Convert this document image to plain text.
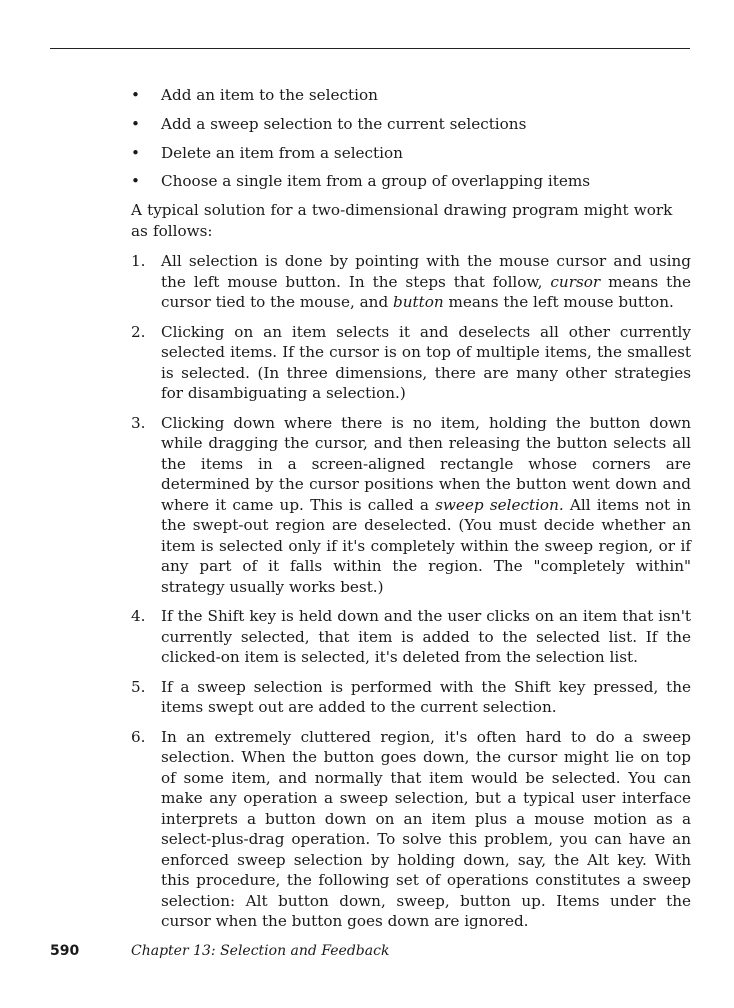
• Add an item to the selection
• Add a sweep selection to the current selections
• Delete an item from a selection
• Choose a single item from a group of overlapping items

A typical solution for a two-dimensional drawing program might work as follows:

1. All selection is done by pointing with the mouse cursor and using the left mouse button. In the steps that follow, cursor means the cursor tied to the mouse, and button means the left mouse button.
2. Clicking on an item selects it and deselects all other currently selected items. If the cursor is on top of multiple items, the smallest is selected. (In three dimensions, there are many other strategies for disambiguating a selection.)
3. Clicking down where there is no item, holding the button down while dragging the cursor, and then releasing the button selects all the items in a screen-aligned rectangle whose corners are determined by the cursor positions when the button went down and where it came up. This is called a sweep selection. All items not in the swept-out region are deselected. (You must decide whether an item is selected only if it's completely within the sweep region, or if any part of it falls within the region. The "completely within" strategy usually works best.)
4. If the Shift key is held down and the user clicks on an item that isn't currently selected, that item is added to the selected list. If the clicked-on item is selected, it's deleted from the selection list.
5. If a sweep selection is performed with the Shift key pressed, the items swept out are added to the current selection.
6. In an extremely cluttered region, it's often hard to do a sweep selection. When the button goes down, the cursor might lie on top of some item, and normally that item would be selected. You can make any operation a sweep selection, but a typical user interface interprets a button down on an item plus a mouse motion as a select-plus-drag operation. To solve this problem, you can have an enforced sweep selection by holding down, say, the Alt key. With this procedure, the following set of operations constitutes a sweep selection: Alt button down, sweep, button up. Items under the cursor when the button goes down are ignored.
590	Chapter 13: Selection and Feedback
